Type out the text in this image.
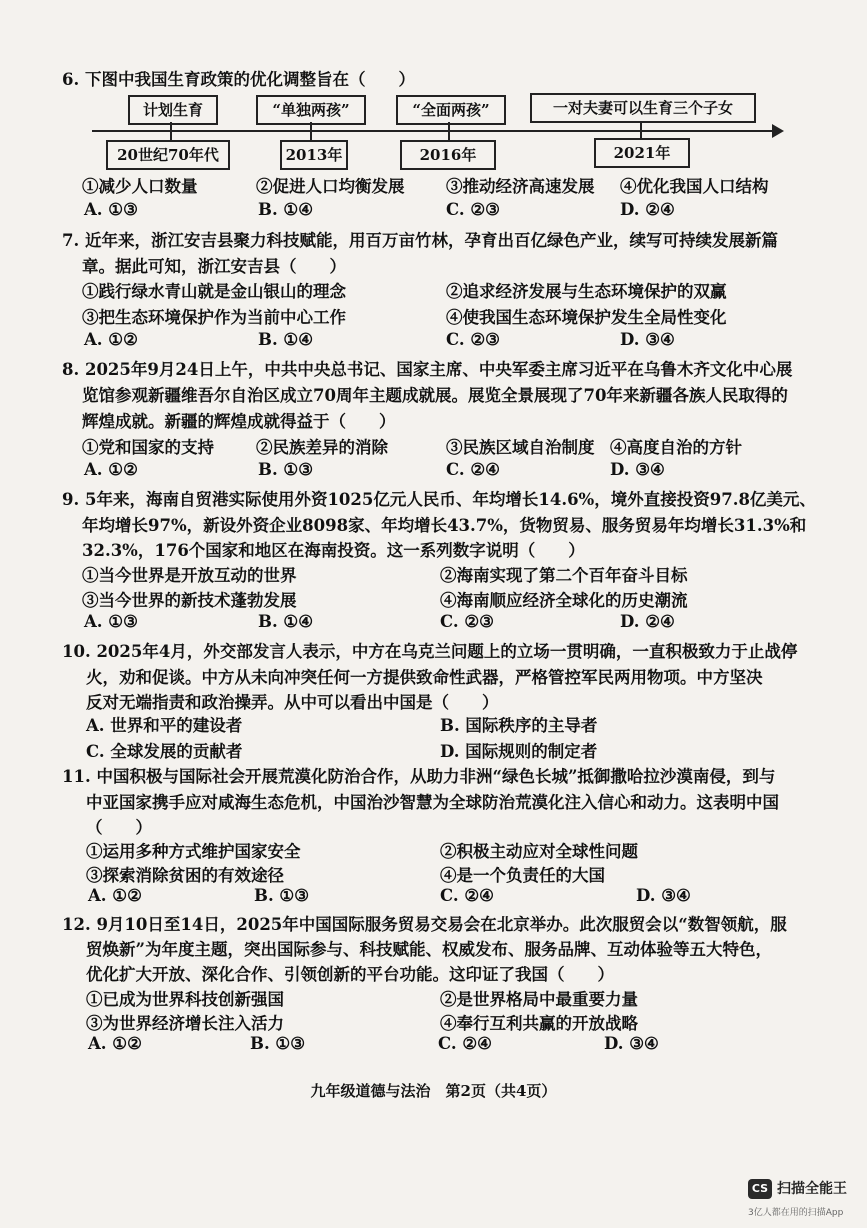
6. 下图中我国生育政策的优化调整旨在（　　）
计划生育	“单独两孩”	“全面两孩”	一对夫妻可以生育三个子女
20世纪70年代	2013年	2016年	2021年
①减少人口数量	②促进人口均衡发展	③推动经济高速发展 ④优化我国人口结构
A. ①③	B. ①④	C. ②③	D. ②④
7. 近年来，浙江安吉县聚力科技赋能，用百万亩竹林，孕育出百亿绿色产业，续写可持续发展新篇
章。据此可知，浙江安吉县（　　）
①践行绿水青山就是金山银山的理念	②追求经济发展与生态环境保护的双赢
③把生态环境保护作为当前中心工作	④使我国生态环境保护发生全局性变化
A. ①②	B. ①④	C. ②③	D. ③④
8. 2025年9月24日上午，中共中央总书记、国家主席、中央军委主席习近平在乌鲁木齐文化中心展
览馆参观新疆维吾尔自治区成立70周年主题成就展。展览全景展现了70年来新疆各族人民取得的
辉煌成就。新疆的辉煌成就得益于（　　）
①党和国家的支持	②民族差异的消除	③民族区域自治制度 ④高度自治的方针
A. ①②	B. ①③	C. ②④	D. ③④
9. 5年来，海南自贸港实际使用外资1025亿元人民币、年均增长14.6%，境外直接投资97.8亿美元、
年均增长97%，新设外资企业8098家、年均增长43.7%，货物贸易、服务贸易年均增长31.3%和
32.3%，176个国家和地区在海南投资。这一系列数字说明（　　）
①当今世界是开放互动的世界	②海南实现了第二个百年奋斗目标
③当今世界的新技术蓬勃发展	④海南顺应经济全球化的历史潮流
A. ①③	B. ①④	C. ②③	D. ②④
10. 2025年4月，外交部发言人表示，中方在乌克兰问题上的立场一贯明确，一直积极致力于止战停
火，劝和促谈。中方从未向冲突任何一方提供致命性武器，严格管控军民两用物项。中方坚决
反对无端指责和政治操弄。从中可以看出中国是（　　）
A. 世界和平的建设者	B. 国际秩序的主导者
C. 全球发展的贡献者	D. 国际规则的制定者
11. 中国积极与国际社会开展荒漠化防治合作，从助力非洲“绿色长城”抵御撒哈拉沙漠南侵，到与
中亚国家携手应对咸海生态危机，中国治沙智慧为全球防治荒漠化注入信心和动力。这表明中国
（　　）
①运用多种方式维护国家安全	②积极主动应对全球性问题
③探索消除贫困的有效途径	④是一个负责任的大国
A. ①②	B. ①③	C. ②④	D. ③④
12. 9月10日至14日，2025年中国国际服务贸易交易会在北京举办。此次服贸会以“数智领航，服
贸焕新”为年度主题，突出国际参与、科技赋能、权威发布、服务品牌、互动体验等五大特色，
优化扩大开放、深化合作、引领创新的平台功能。这印证了我国（　　）
①已成为世界科技创新强国	②是世界格局中最重要力量
③为世界经济增长注入活力	④奉行互利共赢的开放战略
A. ①②	B. ①③	C. ②④	D. ③④
九年级道德与法治　第2页（共4页）
CS 扫描全能王
3亿人都在用的扫描App
